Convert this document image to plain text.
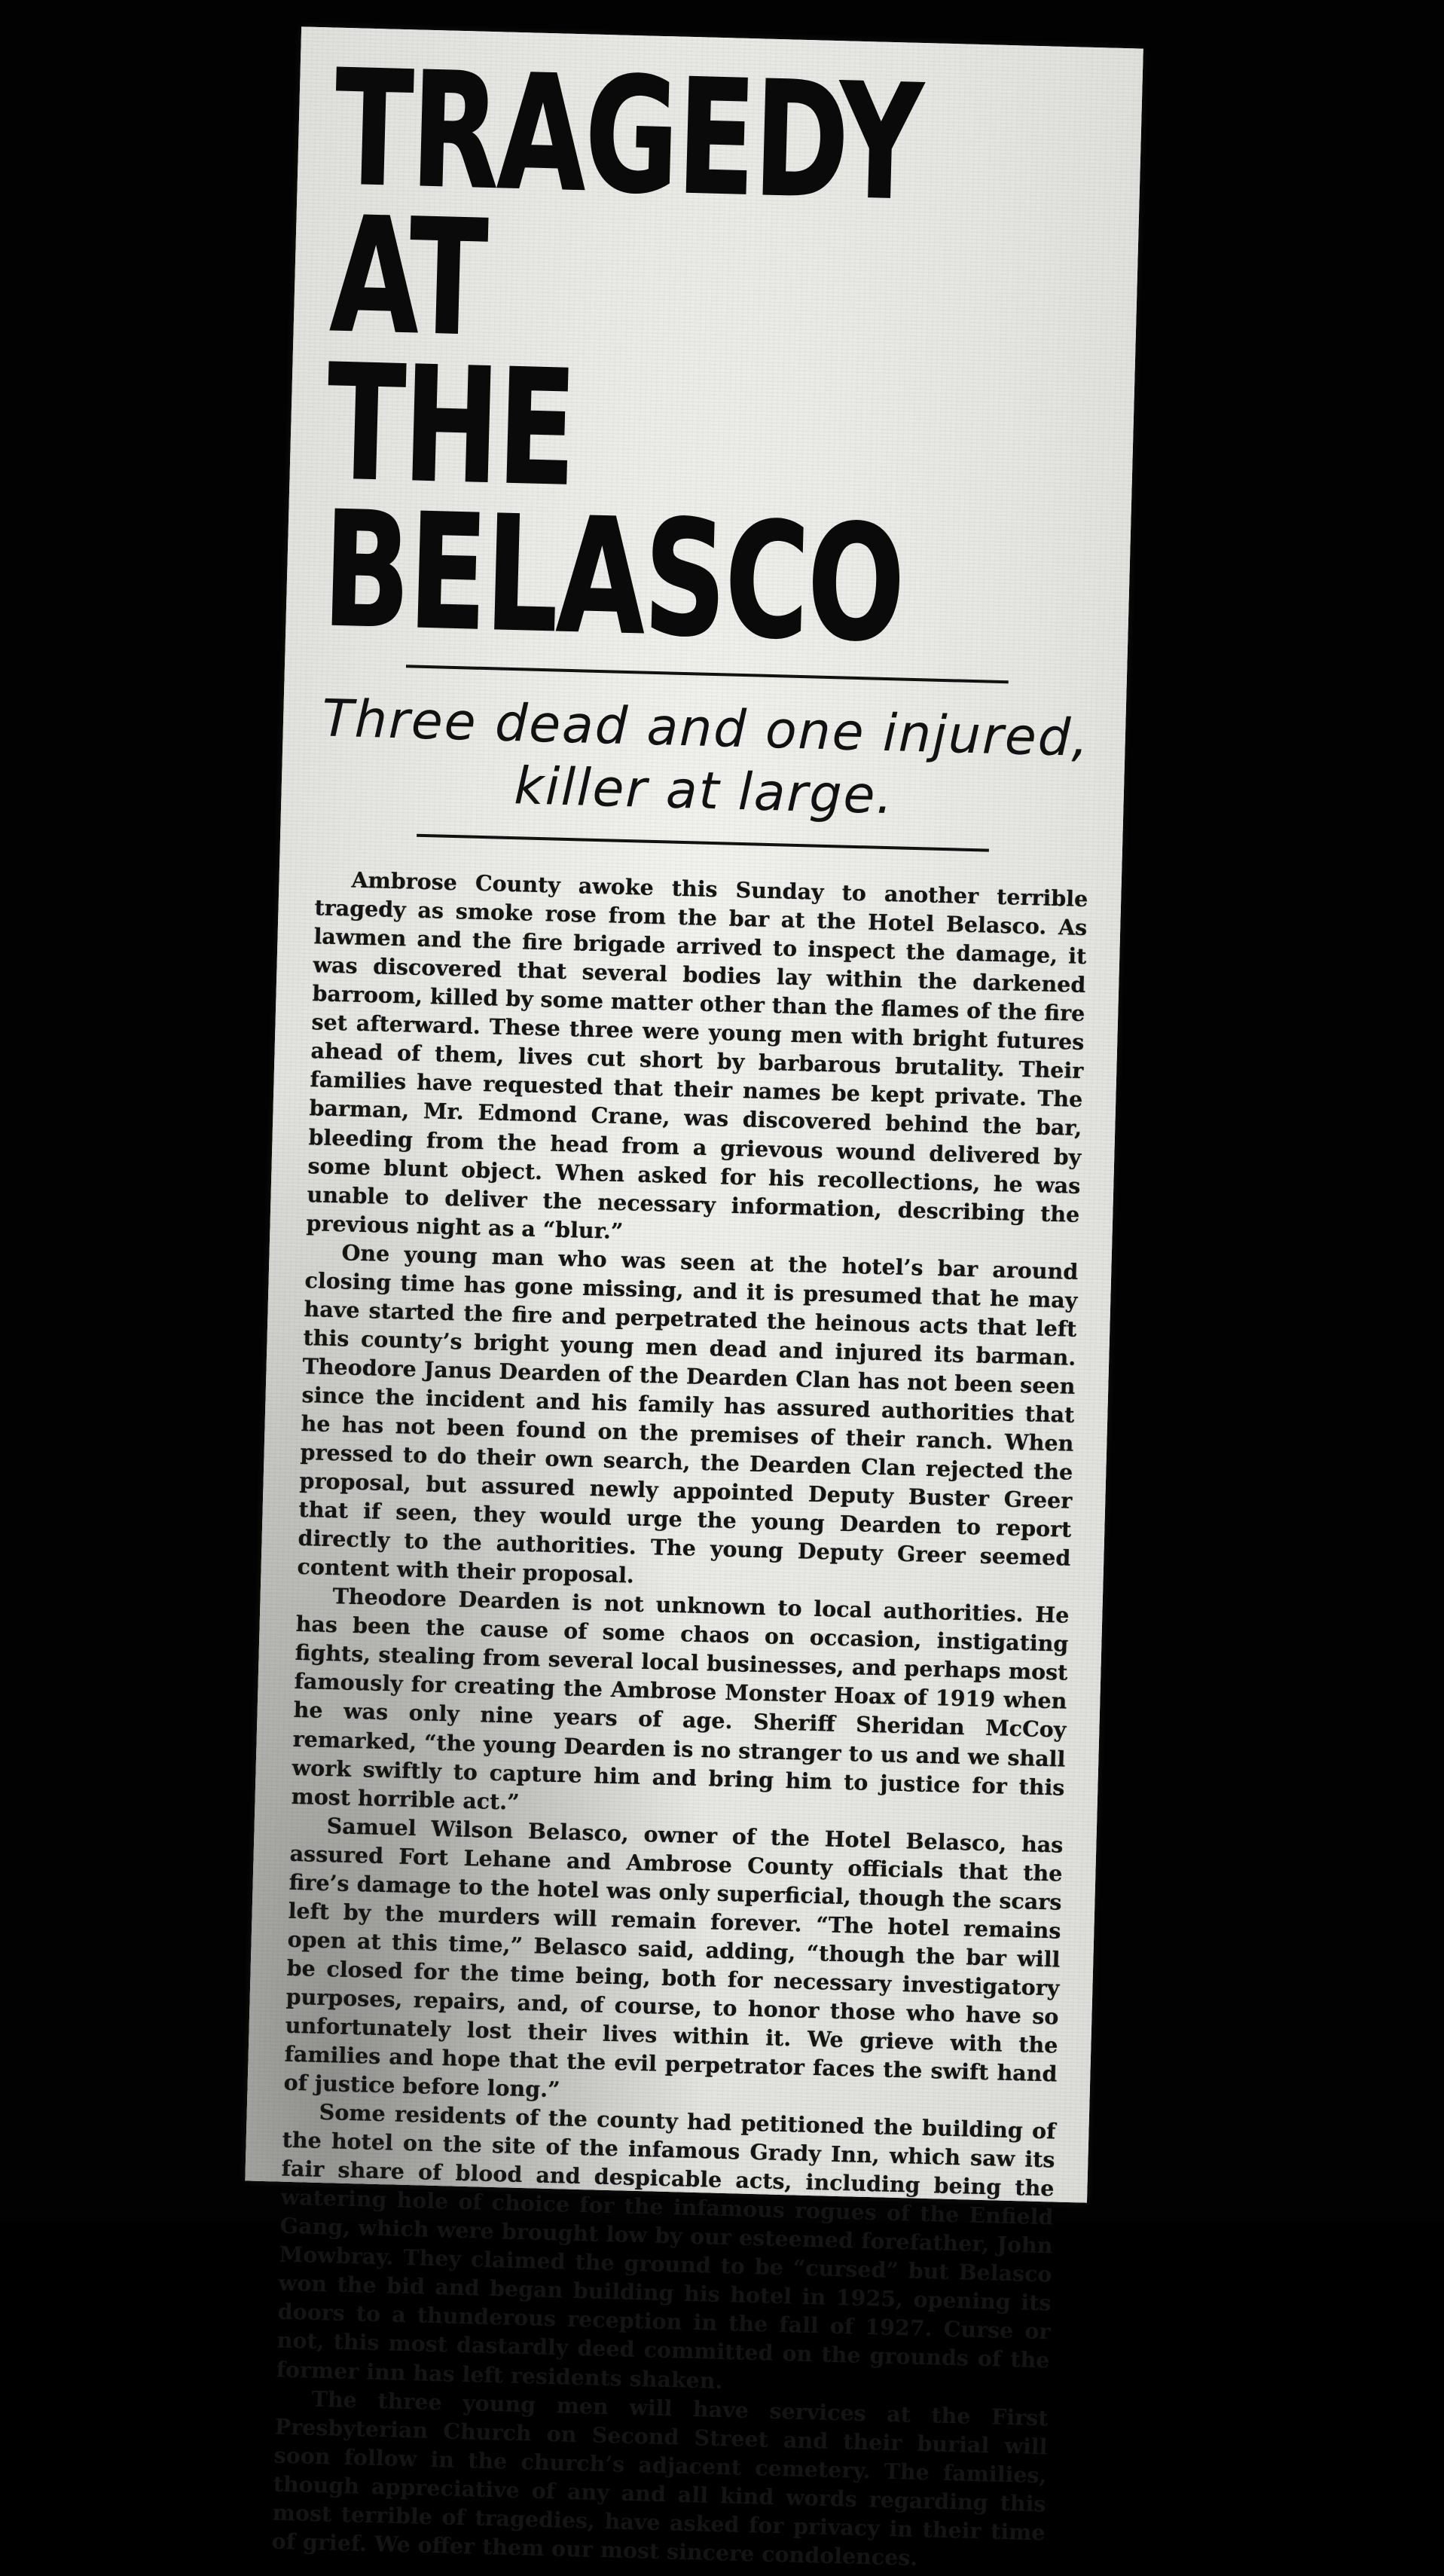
TRAGEDY AT
THE BELASCO
Three dead and one injured,
killer at large.

Ambrose County awoke this Sunday to another terrible tragedy as smoke rose from the bar at the Hotel Belasco. As lawmen and the fire brigade arrived to inspect the damage, it was discovered that several bodies lay within the darkened barroom, killed by some matter other than the flames of the fire set afterward. These three were young men with bright futures ahead of them, lives cut short by barbarous brutality. Their families have requested that their names be kept private. The barman, Mr. Edmond Crane, was discovered behind the bar, bleeding from the head from a grievous wound delivered by some blunt object. When asked for his recollections, he was unable to deliver the necessary information, describing the previous night as a “blur.”

One young man who was seen at the hotel’s bar around closing time has gone missing, and it is presumed that he may have started the fire and perpetrated the heinous acts that left this county’s bright young men dead and injured its barman. Theodore Janus Dearden of the Dearden Clan has not been seen since the incident and his family has assured authorities that he has not been found on the premises of their ranch. When pressed to do their own search, the Dearden Clan rejected the proposal, but assured newly appointed Deputy Buster Greer that if seen, they would urge the young Dearden to report directly to the authorities. The young Deputy Greer seemed content with their proposal.

Theodore Dearden is not unknown to local authorities. He has been the cause of some chaos on occasion, instigating fights, stealing from several local businesses, and perhaps most famously for creating the Ambrose Monster Hoax of 1919 when he was only nine years of age. Sheriff Sheridan McCoy remarked, “the young Dearden is no stranger to us and we shall work swiftly to capture him and bring him to justice for this most horrible act.”

Samuel Wilson Belasco, owner of the Hotel Belasco, has assured Fort Lehane and Ambrose County officials that the fire’s damage to the hotel was only superficial, though the scars left by the murders will remain forever. “The hotel remains open at this time,” Belasco said, adding, “though the bar will be closed for the time being, both for necessary investigatory purposes, repairs, and, of course, to honor those who have so unfortunately lost their lives within it. We grieve with the families and hope that the evil perpetrator faces the swift hand of justice before long.”

Some residents of the county had petitioned the building of the hotel on the site of the infamous Grady Inn, which saw its fair share of blood and despicable acts, including being the watering hole of choice for the infamous rogues of the Enfield Gang, which were brought low by our esteemed forefather, John Mowbray. They claimed the ground to be “cursed” but Belasco won the bid and began building his hotel in 1925, opening its doors to a thunderous reception in the fall of 1927. Curse or not, this most dastardly deed committed on the grounds of the former inn has left residents shaken.

The three young men will have services at the First Presbyterian Church on Second Street and their burial will soon follow in the church’s adjacent cemetery. The families, though appreciative of any and all kind words regarding this most terrible of tragedies, have asked for privacy in their time of grief. We offer them our most sincere condolences.
